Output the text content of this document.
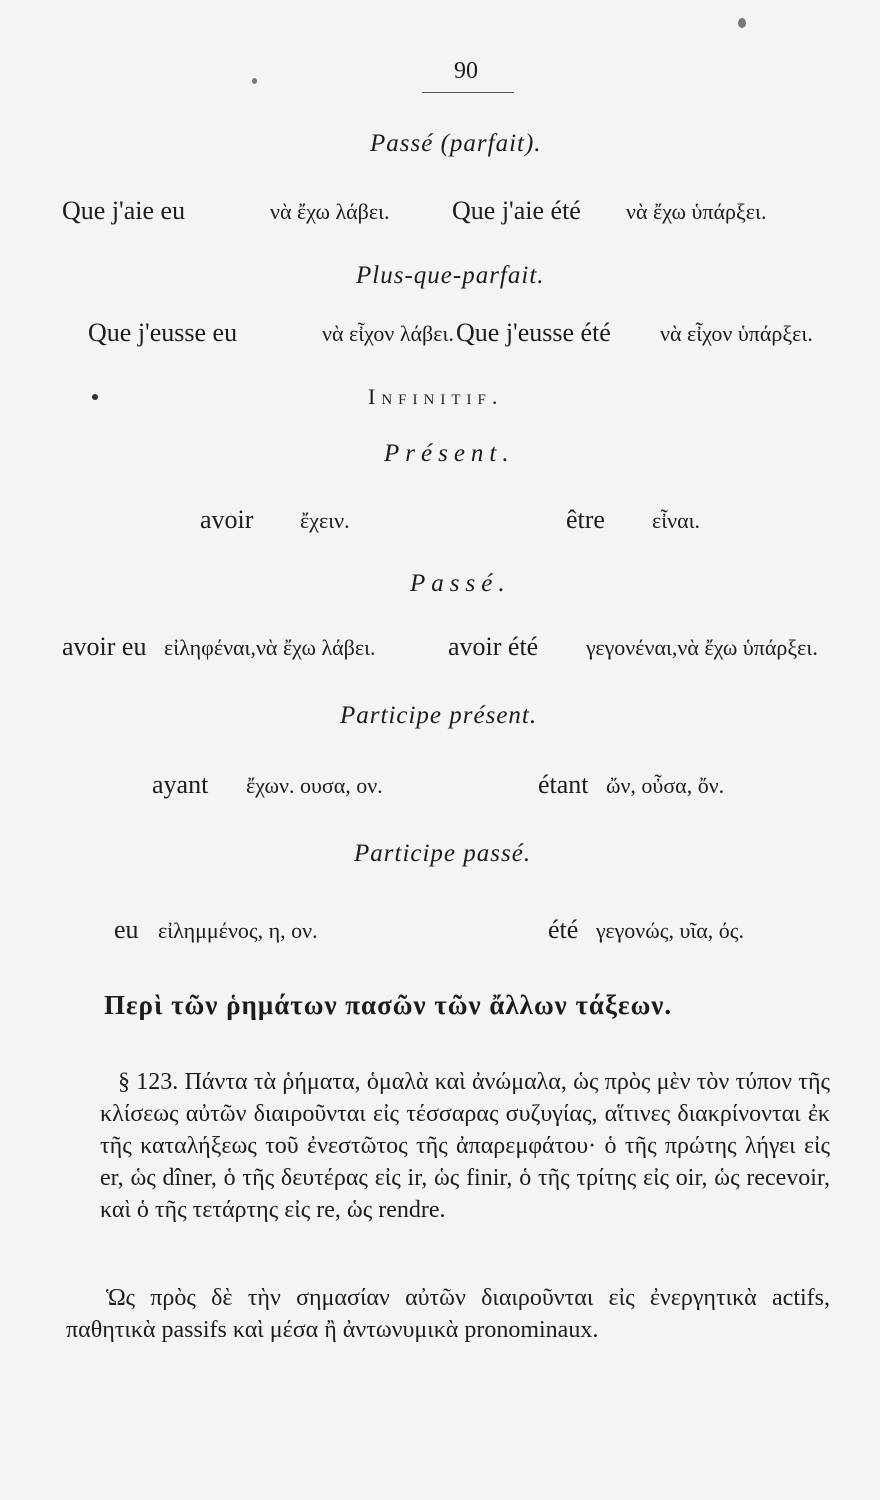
90
Passé (parfait).
Que j'aie eu	νὰ ἔχω λάβει. Que j'aie été νὰ ἔχω ὑπάρξει.
Plus-que-parfait.
Que j'eusse eu	νὰ εἶχον λάβει. Que j'eusse été νὰ εἶχον ὑπάρξει.
Infinitif.
Présent.
avoir ἔχειν.	être εἶναι.
Passé.
avoir eu εἰληφέναι,νὰ ἔχω λάβει.	avoir été γεγονέναι,νὰ ἔχω ὑπάρξει.
Participe présent.
ayant ἔχων. ουσα, ον.	étant ὤν, οὖσα, ὄν.
Participe passé.
eu εἰλημμένος, η, ον.	été γεγονώς, υῖα, ός.
Περὶ τῶν ῥημάτων πασῶν τῶν ἄλλων τάξεων.
§ 123. Πάντα τὰ ῥήματα, ὁμαλὰ καὶ ἀνώμαλα, ὡς πρὸς μὲν τὸν τύπον τῆς κλίσεως αὐτῶν διαιροῦνται εἰς τέσσαρας συζυγίας, αἵτινες διακρίνονται ἐκ τῆς καταλήξεως τοῦ ἐνεστῶτος τῆς ἀπαρεμφάτου· ὁ τῆς πρώτης λήγει εἰς er, ὡς dîner, ὁ τῆς δευτέρας εἰς ir, ὡς finir, ὁ τῆς τρίτης εἰς oir, ὡς recevoir, καὶ ὁ τῆς τετάρτης εἰς re, ὡς rendre.
Ὡς πρὸς δὲ τὴν σημασίαν αὐτῶν διαιροῦνται εἰς ἐνεργητικὰ actifs, παθητικὰ passifs καὶ μέσα ἢ ἀντωνυμικὰ pronominaux.
